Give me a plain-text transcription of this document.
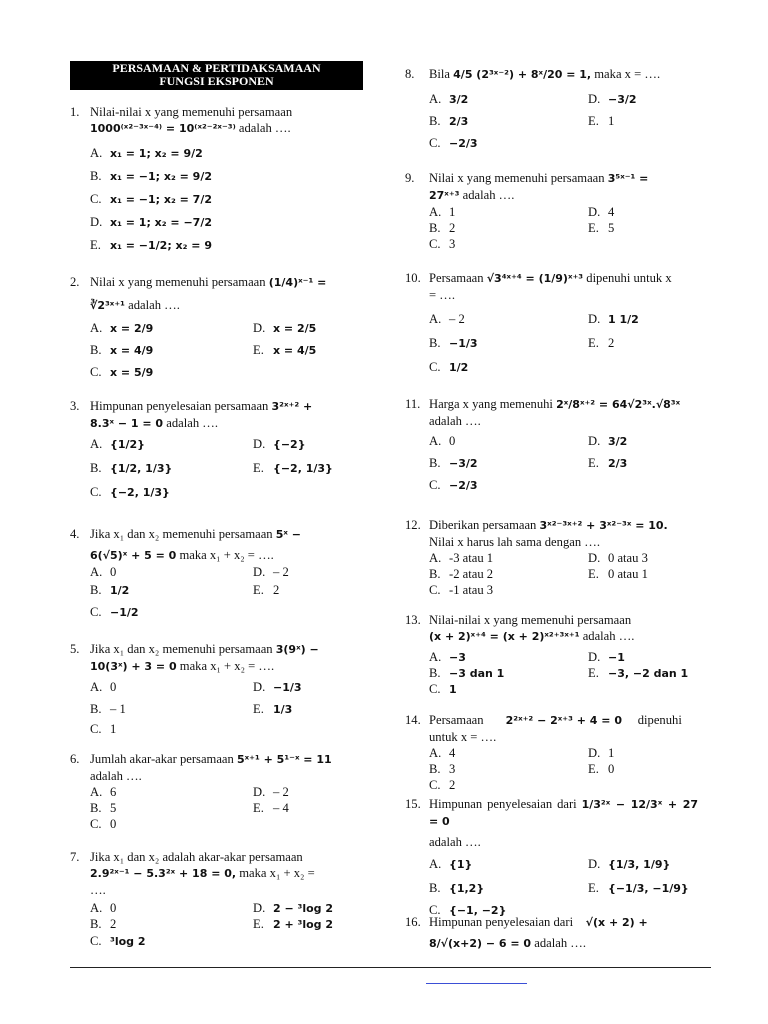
PERSAMAAN & PERTIDAKSAMAAN
FUNGSI EKSPONEN
1. Nilai-nilai x yang memenuhi persamaan
1000⁽ˣ²⁻³ˣ⁻⁴⁾ = 10⁽ˣ²⁻²ˣ⁻³⁾ adalah ….
A. x₁ = 1; x₂ = 9/2
B. x₁ = −1; x₂ = 9/2
C. x₁ = −1; x₂ = 7/2
D. x₁ = 1; x₂ = −7/2
E. x₁ = −1/2; x₂ = 9
2. Nilai x yang memenuhi persamaan (1/4)ˣ⁻¹ =
∛2³ˣ⁺¹ adalah ….
A. x = 2/9
B. x = 4/9
C. x = 5/9
D. x = 2/5
E. x = 4/5
3. Himpunan penyelesaian persamaan 3²ˣ⁺² +
8.3ˣ − 1 = 0 adalah ….
A. {1/2}
B. {1/2, 1/3}
C. {−2, 1/3}
D. {−2}
E. {−2, 1/3}
4. Jika x₁ dan x₂ memenuhi persamaan 5ˣ −
6(√5)ˣ + 5 = 0 maka x₁ + x₂ = ….
A. 0
B. 1/2
C. −1/2
D. – 2
E. 2
5. Jika x₁ dan x₂ memenuhi persamaan 3(9ˣ) −
10(3ˣ) + 3 = 0 maka x₁ + x₂ = ….
A. 0
B. – 1
C. 1
D. −1/3
E. 1/3
6. Jumlah akar-akar persamaan 5ˣ⁺¹ + 5¹⁻ˣ = 11
adalah ….
A. 6
B. 5
C. 0
D. – 2
E. – 4
7. Jika x₁ dan x₂ adalah akar-akar persamaan
2.9²ˣ⁻¹ − 5.3²ˣ + 18 = 0, maka x₁ + x₂ =
….
A. 0
B. 2
C. ³log 2
D. 2 − ³log 2
E. 2 + ³log 2
8. Bila 4/5 (2³ˣ⁻²) + 8ˣ/20 = 1, maka x = ….
A. 3/2
B. 2/3
C. −2/3
D. −3/2
E. 1
9. Nilai x yang memenuhi persamaan 3⁵ˣ⁻¹ =
27ˣ⁺³ adalah ….
A. 1
B. 2
C. 3
D. 4
E. 5
10. Persamaan √3⁴ˣ⁺⁴ = (1/9)ˣ⁺³ dipenuhi untuk x
= ….
A. – 2
B. −1/3
C. 1/2
D. 1 1/2
E. 2
11. Harga x yang memenuhi 2ˣ/8ˣ⁺² = 64√2³ˣ.√8³ˣ
adalah ….
A. 0
B. −3/2
C. −2/3
D. 3/2
E. 2/3
12. Diberikan persamaan 3ˣ²⁻³ˣ⁺² + 3ˣ²⁻³ˣ = 10.
Nilai x harus lah sama dengan ….
A. -3 atau 1
B. -2 atau 2
C. -1 atau 3
D. 0 atau 3
E. 0 atau 1
13. Nilai-nilai x yang memenuhi persamaan
(x + 2)ˣ⁺⁴ = (x + 2)ˣ²⁺³ˣ⁺¹ adalah ….
A. −3
B. −3 dan 1
C. 1
D. −1
E. −3, −2 dan 1
14. Persamaan 2²ˣ⁺² − 2ˣ⁺³ + 4 = 0 dipenuhi
untuk x = ….
A. 4
B. 3
C. 2
D. 1
E. 0
15. Himpunan penyelesaian dari 1/3²ˣ − 12/3ˣ + 27 = 0
adalah ….
A. {1}
B. {1,2}
C. {−1, −2}
D. {1/3, 1/9}
E. {−1/3, −1/9}
16. Himpunan penyelesaian dari √(x + 2) +
8/√(x+2) − 6 = 0 adalah ….
